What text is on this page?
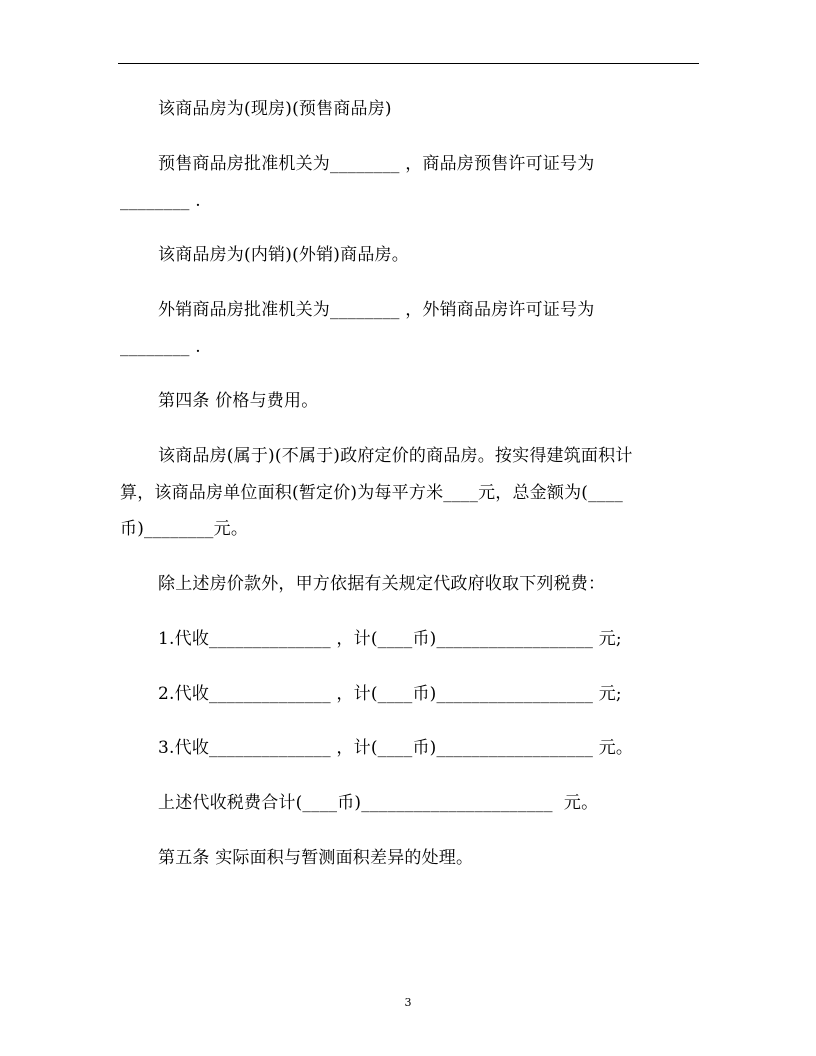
该商品房为(现房)(预售商品房)
预售商品房批准机关为________ ，商品房预售许可证号为
________ .
该商品房为(内销)(外销)商品房。
外销商品房批准机关为________ ，外销商品房许可证号为
________ .
第四条 价格与费用。
该商品房(属于)(不属于)政府定价的商品房。按实得建筑面积计
算，该商品房单位面积(暂定价)为每平方米____元，总金额为(____
币)________元。
除上述房价款外，甲方依据有关规定代政府收取下列税费：
1.代收______________ ，计(____币)__________________ 元;
2.代收______________ ，计(____币)__________________ 元;
3.代收______________ ，计(____币)__________________ 元。
上述代收税费合计(____币)______________________  元。
第五条 实际面积与暂测面积差异的处理。
3
